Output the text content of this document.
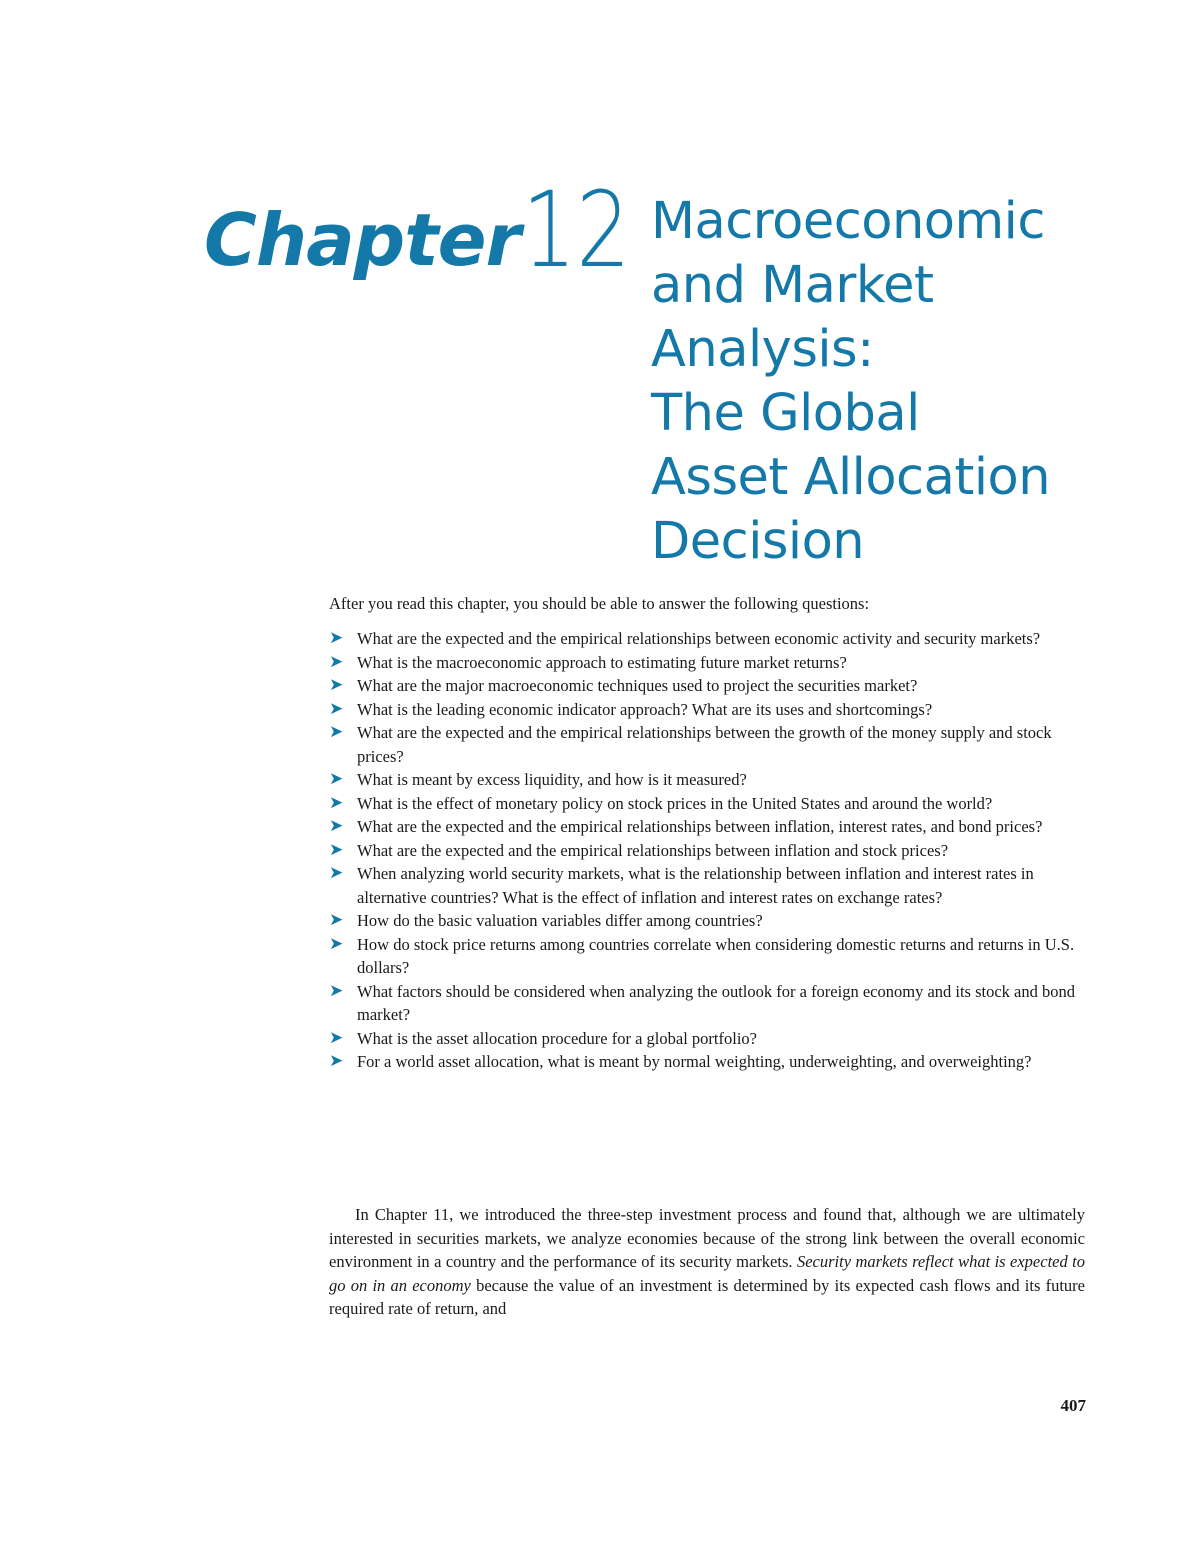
Chapter 12 Macroeconomic
and Market
Analysis:
The Global
Asset Allocation
Decision
After you read this chapter, you should be able to answer the following questions:
➤ What are the expected and the empirical relationships between economic activity and security markets?
➤ What is the macroeconomic approach to estimating future market returns?
➤ What are the major macroeconomic techniques used to project the securities market?
➤ What is the leading economic indicator approach? What are its uses and shortcomings?
➤ What are the expected and the empirical relationships between the growth of the money supply and stock prices?
➤ What is meant by excess liquidity, and how is it measured?
➤ What is the effect of monetary policy on stock prices in the United States and around the world?
➤ What are the expected and the empirical relationships between inflation, interest rates, and bond prices?
➤ What are the expected and the empirical relationships between inflation and stock prices?
➤ When analyzing world security markets, what is the relationship between inflation and interest rates in alternative countries? What is the effect of inflation and interest rates on exchange rates?
➤ How do the basic valuation variables differ among countries?
➤ How do stock price returns among countries correlate when considering domestic returns and returns in U.S. dollars?
➤ What factors should be considered when analyzing the outlook for a foreign economy and its stock and bond market?
➤ What is the asset allocation procedure for a global portfolio?
➤ For a world asset allocation, what is meant by normal weighting, underweighting, and overweighting?

In Chapter 11, we introduced the three-step investment process and found that, although we are ultimately interested in securities markets, we analyze economies because of the strong link between the overall economic environment in a country and the performance of its security markets. Security markets reflect what is expected to go on in an economy because the value of an investment is determined by its expected cash flows and its future required rate of return, and

407
